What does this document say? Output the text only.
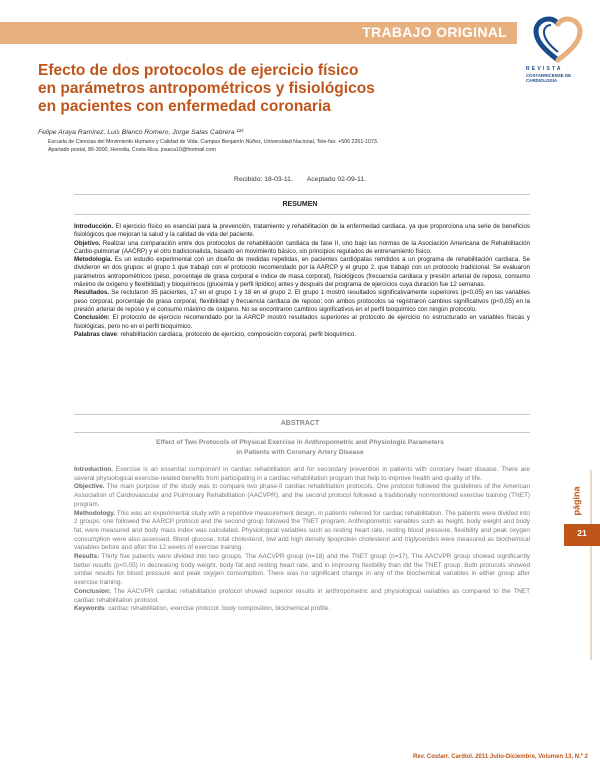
TRABAJO ORIGINAL
REVISTA
COSTARRICENSE DE CARDIOLOGÍA
Efecto de dos protocolos de ejercicio físico en parámetros antropométricos y fisiológicos en pacientes con enfermedad coronaria
Felipe Araya Ramírez, Luis Blanco Romero, Jorge Salas Cabrera ¹²³
Escuela de Ciencias del Movimiento Humano y Calidad de Vida. Campus Benjamín Núñez, Universidad Nacional, Tele-fax: +506 2261-1073. Apartado postal, 86-3000, Heredia, Costa Rica. josaca10@hotmail.com
Recibido: 18-03-11. Aceptado 02-09-11.
RESUMEN

Introducción. El ejercicio físico es esencial para la prevención, tratamiento y rehabilitación de la enfermedad cardiaca, ya que proporciona una serie de beneficios fisiológicos que mejoran la salud y la calidad de vida del paciente.

Objetivo. Realizar una comparación entre dos protocolos de rehabilitación cardiaca de fase II, uno bajo las normas de la Asociación Americana de Rehabilitación Cardio-pulmonar (AACRP) y el otro tradicionalista, basado en movimiento básico, sin principios regulados de entrenamiento físico.

Metodología. Es un estudio experimental con un diseño de medidas repetidas, en pacientes cardiópatas remitidos a un programa de rehabilitación cardiaca. Se dividieron en dos grupos: el grupo 1 que trabajó con el protocolo recomendado por la AARCP y el grupo 2, que trabajó con un protocolo tradicional. Se evaluaron parámetros antropométricos (peso, porcentaje de grasa corporal e índice de masa corporal), fisiológicos (frecuencia cardiaca y presión arterial de reposo, consumo máximo de oxígeno y flexibilidad) y bioquímicos (glucemia y perfil lipídico) antes y después del programa de ejercicios cuya duración fue 12 semanas.

Resultados. Se reclutaron 35 pacientes, 17 en el grupo 1 y 18 en el grupo 2. El grupo 1 mostró resultados significativamente superiores (p<0,05) en las variables peso corporal, porcentaje de grasa corporal, flexibilidad y frecuencia cardiaca de reposo; con ambos protocolos se registraron cambios significativos (p<0,05) en la presión arterial de reposo y el consumo máximo de oxígeno. No se encontraron cambios significativos en el perfil bioquímico con ningún protocolo.

Conclusión: El protocolo de ejercicio recomendado por la AARCP mostró resultados superiores al protocolo de ejercicio no estructurado en variables físicas y fisiológicas, pero no en el perfil bioquímico.

Palabras clave: rehabilitación cardiaca, protocolo de ejercicio, composición corporal, perfil bioquímico.

ABSTRACT
Effect of Two Protocols of Physical Exercise in Anthropometric and Physiologic Parameters
in Patients with Coronary Artery Disease

Introduction. Exercise is an essential component in cardiac rehabilitation and for secondary prevention in patients with coronary heart disease. There are several physiological exercise-related benefits from participating in a cardiac rehabilitation program that help to improve health and quality of life.

Objective. The main purpose of the study was to compare two phase-II cardiac rehabilitation protocols. One protocol followed the guidelines of the American Association of Cardiovascular and Pulmonary Rehabilitation (AACVPR), and the second protocol followed a traditionally nonmonitored exercise training (TNET) program.

Methodology. This was an experimental study with a repetitive measurement design, in patients referred for cardiac rehabilitation. The patients were divided into 2 groups: one followed the AARCP protocol and the second group followed the TNET program. Anthropometric variables such as height, body weight and body fat, were measured and body mass index was calculated. Physiological variables such as resting heart rate, resting blood pressure, flexibility and peak oxygen consumption were also assessed. Blood glucose, total cholesterol, low and high density lipoprotein cholesterol and triglycerides were measured as biochemical variables before and after the 12 weeks of exercise training.

Results: Thirty five patients were divided into two groups. The AACVPR group (n=18) and the TNET group (n=17). The AACVPR group showed significantly better results (p<0.05) in decreasing body weight, body fat and resting heart rate, and in improving flexibility than did the TNET group. Both protocols showed similar results for blood pressure and peak oxygen consumption. There was no significant change in any of the biochemical variables in either group after exercise training.

Conclusion: The AACVPR cardiac rehabilitation protocol showed superior results in anthropometric and physiological variables as compared to the TNET cardiac rehabilitation protocol.

Keywords: cardiac rehabilitation, exercise protocol, body composition, biochemical profile.

página
21
Rev. Costarr. Cardiol. 2011 Julio-Diciembre, Volumen 13, N.º 2
